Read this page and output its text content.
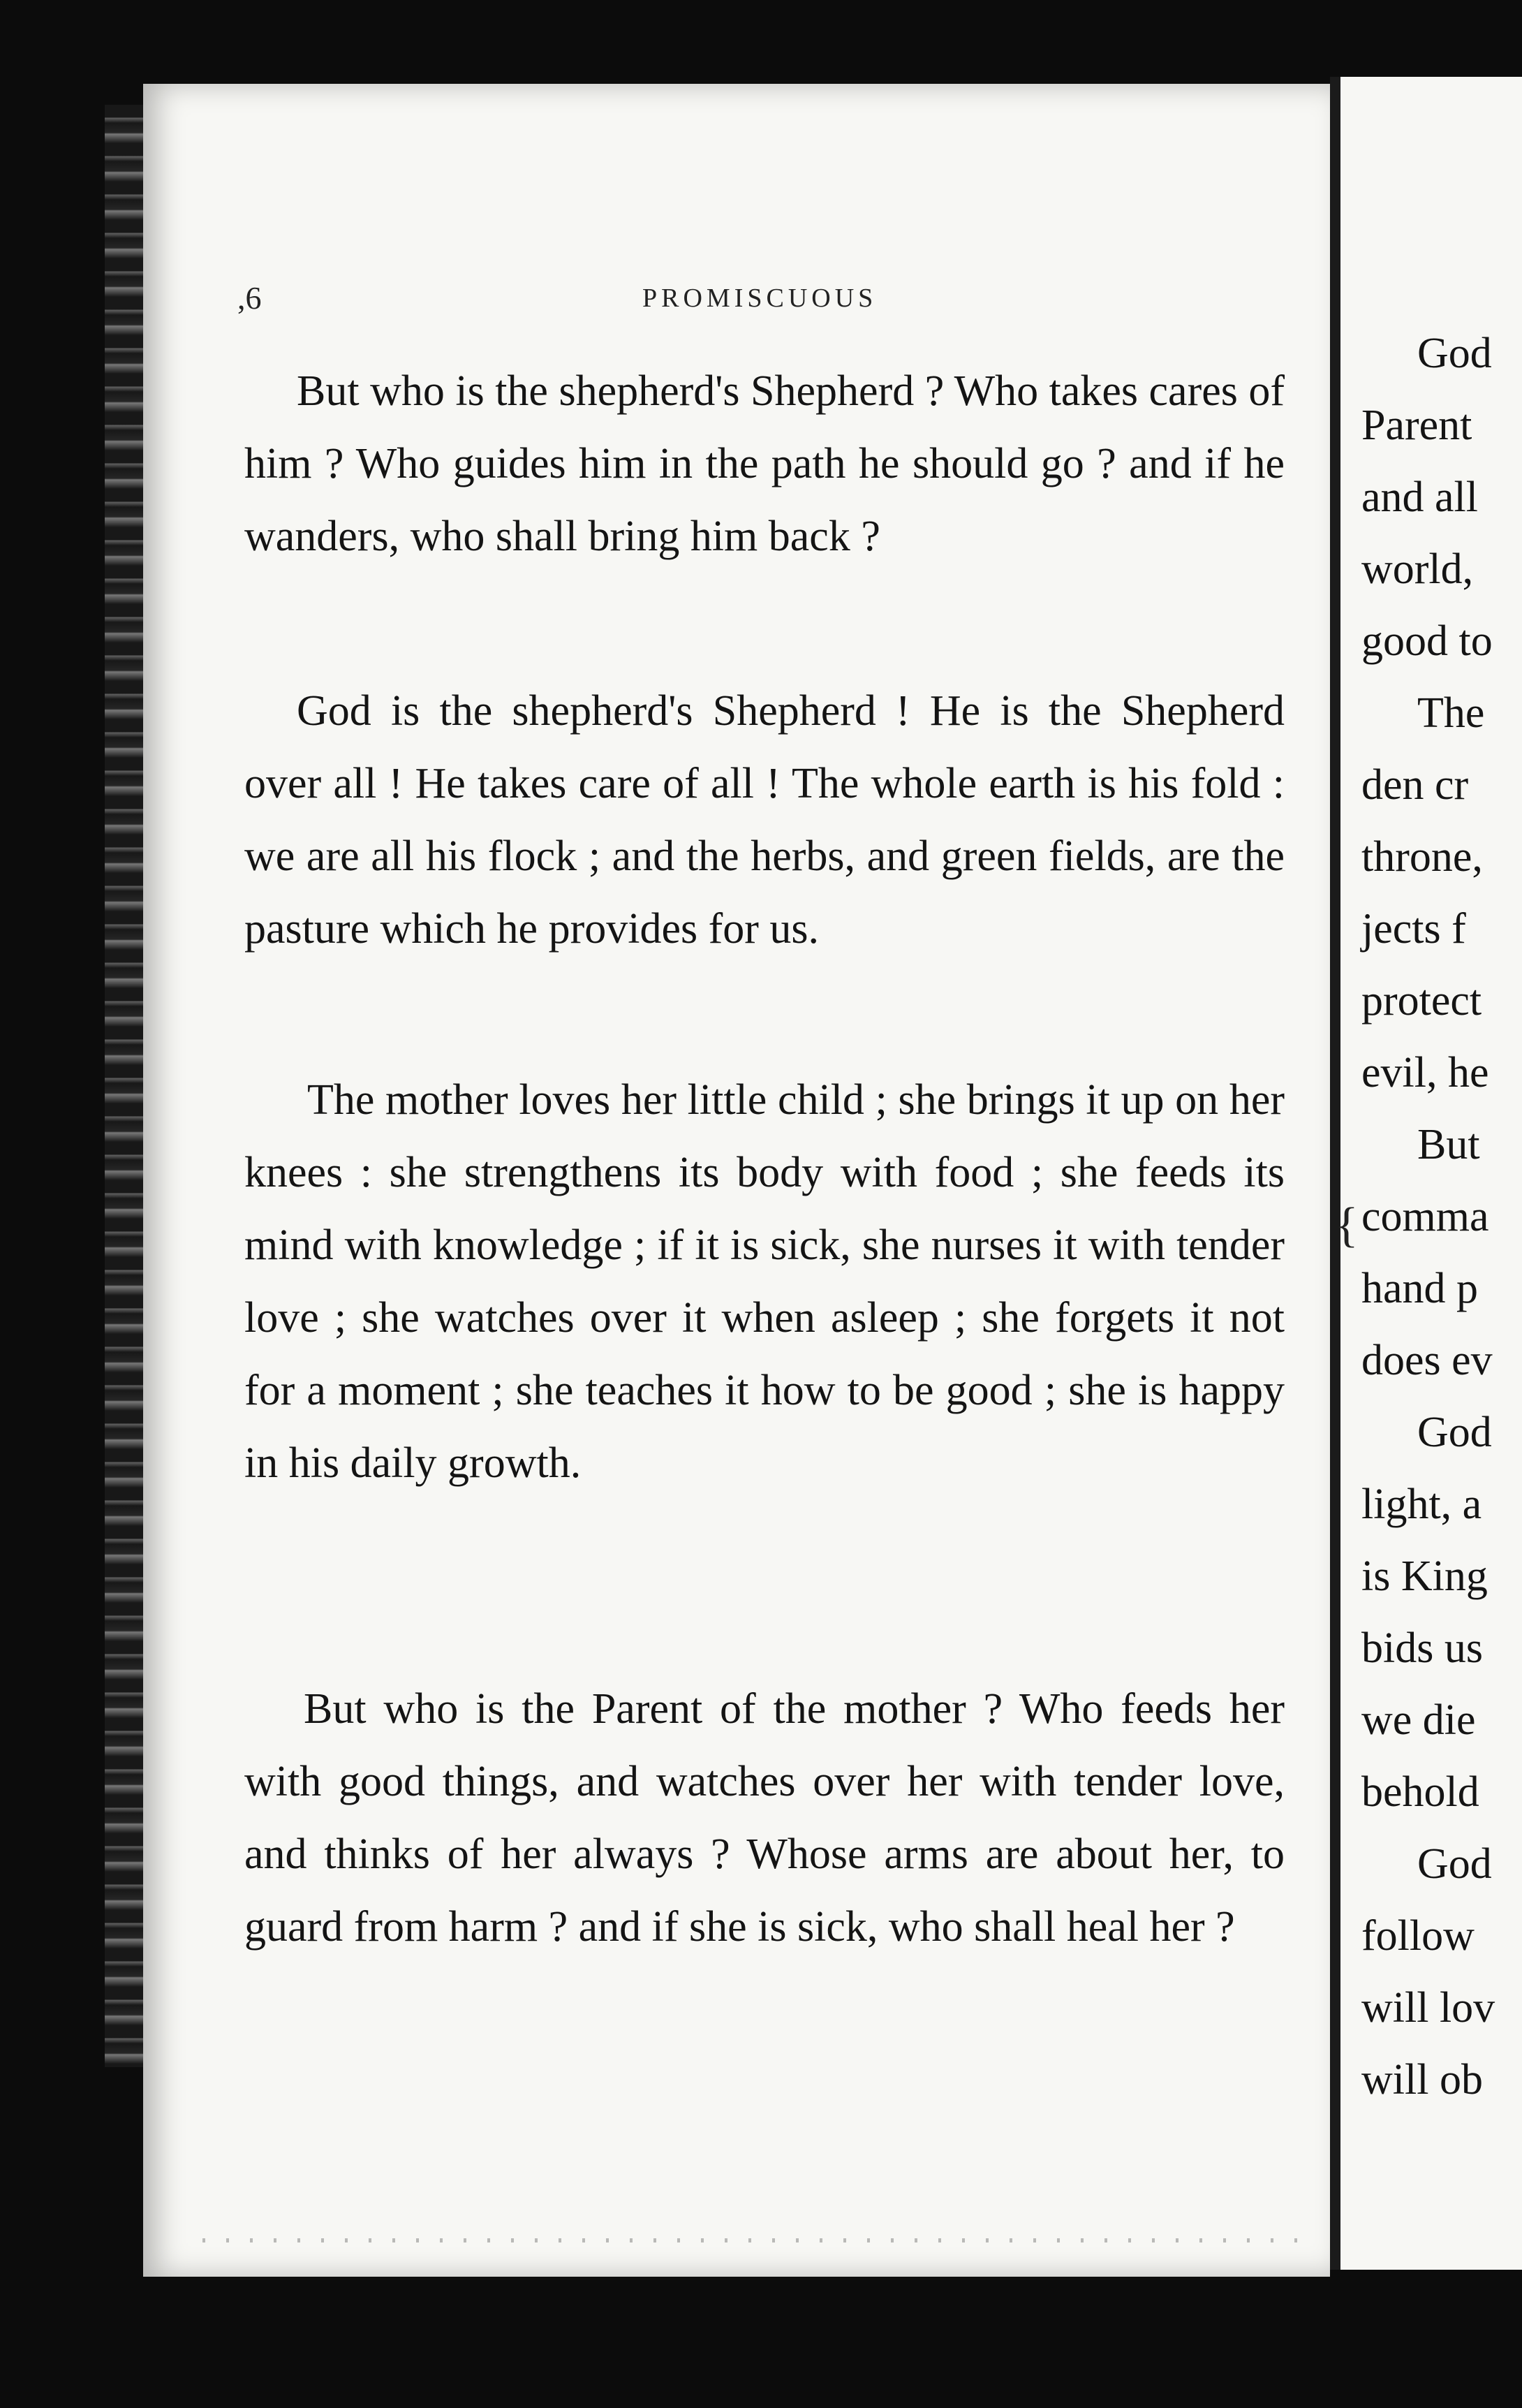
,6	PROMISCUOUS

But who is the shepherd's Shepherd ? Who takes cares of him ? Who guides him in the path he should go ? and if he wanders, who shall bring him back ?

God is the shepherd's Shepherd ! He is the Shepherd over all ! He takes care of all ! The whole earth is his fold : we are all his flock ; and the herbs, and green fields, are the pasture which he provides for us.

The mother loves her little child ; she brings it up on her knees : she strengthens its body with food ; she feeds its mind with knowledge ; if it is sick, she nurses it with tender love ; she watches over it when asleep ; she forgets it not for a moment ; she teaches it how to be good ; she is happy in his daily growth.

But who is the Parent of the mother ? Who feeds her with good things, and watches over her with tender love, and thinks of her always ? Whose arms are about her, to guard from harm ? and if she is sick, who shall heal her ?

God
Parent
and all
world,
good to
The
den cr
throne,
jects f
protect
evil, he
But
comma
hand p
does ev
God
light, a
is King
bids us
we die
behold
God
follow
will lov
will ob
{
